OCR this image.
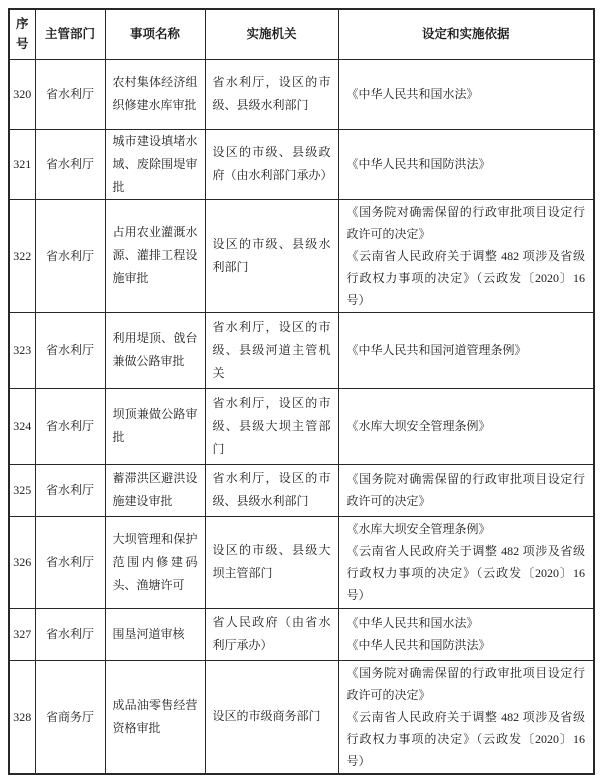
序号	主管部门	事项名称	实施机关	设定和实施依据
320	省水利厅	农村集体经济组织修建水库审批	省水利厅，设区的市级、县级水利部门	《中华人民共和国水法》

321	省水利厅	城市建设填堵水域、废除围堤审批	设区的市级、县级政府（由水利部门承办）	《中华人民共和国防洪法》

322	省水利厅	占用农业灌溉水源、灌排工程设施审批	设区的市级、县级水利部门	《国务院对确需保留的行政审批项目设定行政许可的决定》
《云南省人民政府关于调整 482 项涉及省级行政权力事项的决定》（云政发〔2020〕16 号）

323	省水利厅	利用堤顶、戗台兼做公路审批	省水利厅，设区的市级、县级河道主管机关	《中华人民共和国河道管理条例》

324	省水利厅	坝顶兼做公路审批	省水利厅，设区的市级、县级大坝主管部门	《水库大坝安全管理条例》

325	省水利厅	蓄滞洪区避洪设施建设审批	省水利厅，设区的市级、县级水利部门	《国务院对确需保留的行政审批项目设定行政许可的决定》

326	省水利厅	大坝管理和保护范围内修建码头、渔塘许可	设区的市级、县级大坝主管部门	《水库大坝安全管理条例》
《云南省人民政府关于调整 482 项涉及省级行政权力事项的决定》（云政发〔2020〕16 号）

327	省水利厅	围垦河道审核	省人民政府（由省水利厅承办）	《中华人民共和国水法》
《中华人民共和国防洪法》

328	省商务厅	成品油零售经营资格审批	设区的市级商务部门	《国务院对确需保留的行政审批项目设定行政许可的决定》
《云南省人民政府关于调整 482 项涉及省级行政权力事项的决定》（云政发〔2020〕16 号）
